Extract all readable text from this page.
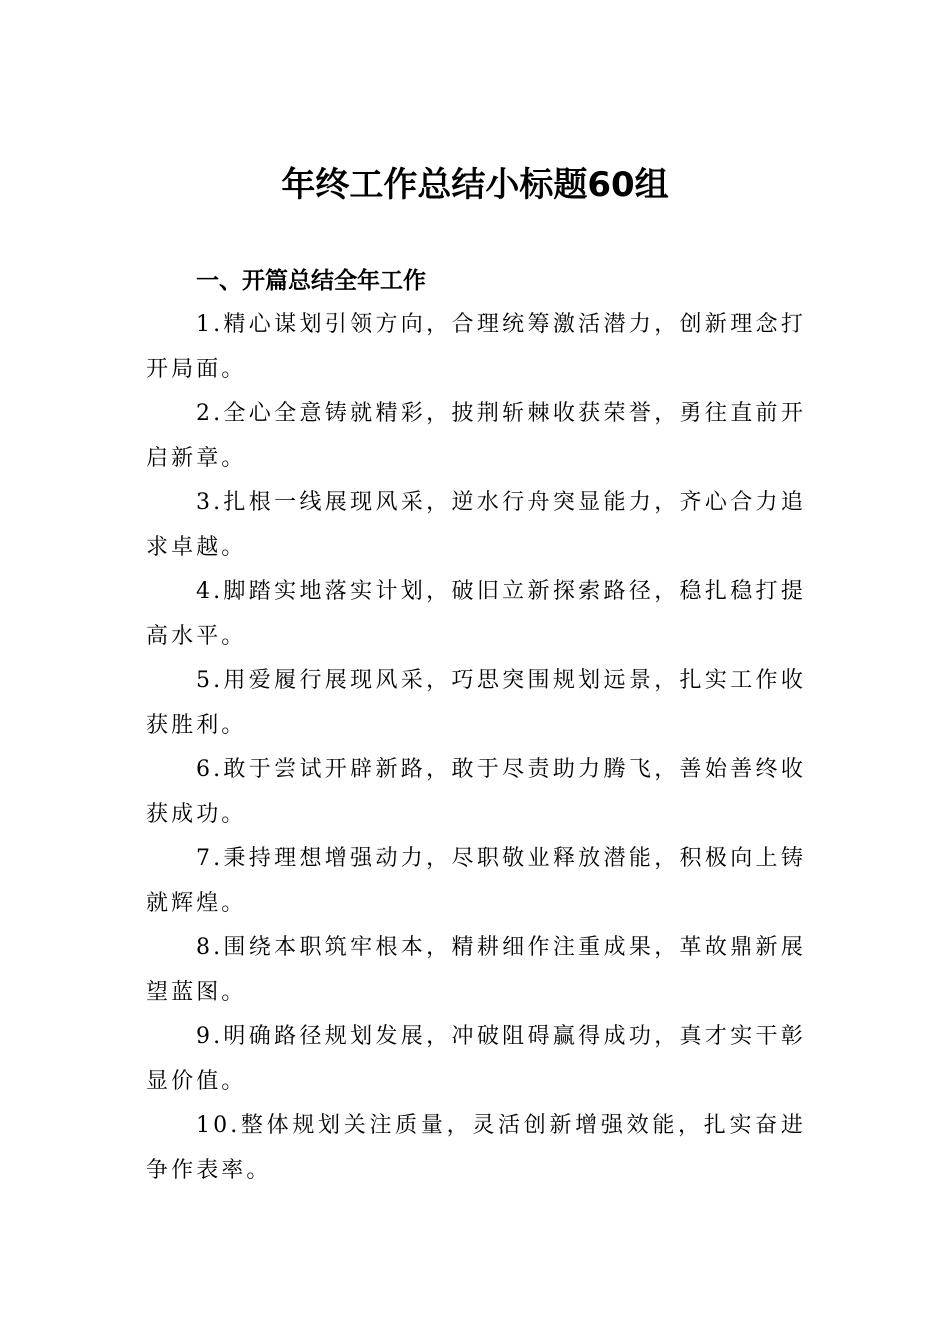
年终工作总结小标题60组
一、开篇总结全年工作
1.精心谋划引领方向，合理统筹激活潜力，创新理念打开局面。
2.全心全意铸就精彩，披荆斩棘收获荣誉，勇往直前开启新章。
3.扎根一线展现风采，逆水行舟突显能力，齐心合力追求卓越。
4.脚踏实地落实计划，破旧立新探索路径，稳扎稳打提高水平。
5.用爱履行展现风采，巧思突围规划远景，扎实工作收获胜利。
6.敢于尝试开辟新路，敢于尽责助力腾飞，善始善终收获成功。
7.秉持理想增强动力，尽职敬业释放潜能，积极向上铸就辉煌。
8.围绕本职筑牢根本，精耕细作注重成果，革故鼎新展望蓝图。
9.明确路径规划发展，冲破阻碍赢得成功，真才实干彰显价值。
10.整体规划关注质量，灵活创新增强效能，扎实奋进争作表率。
